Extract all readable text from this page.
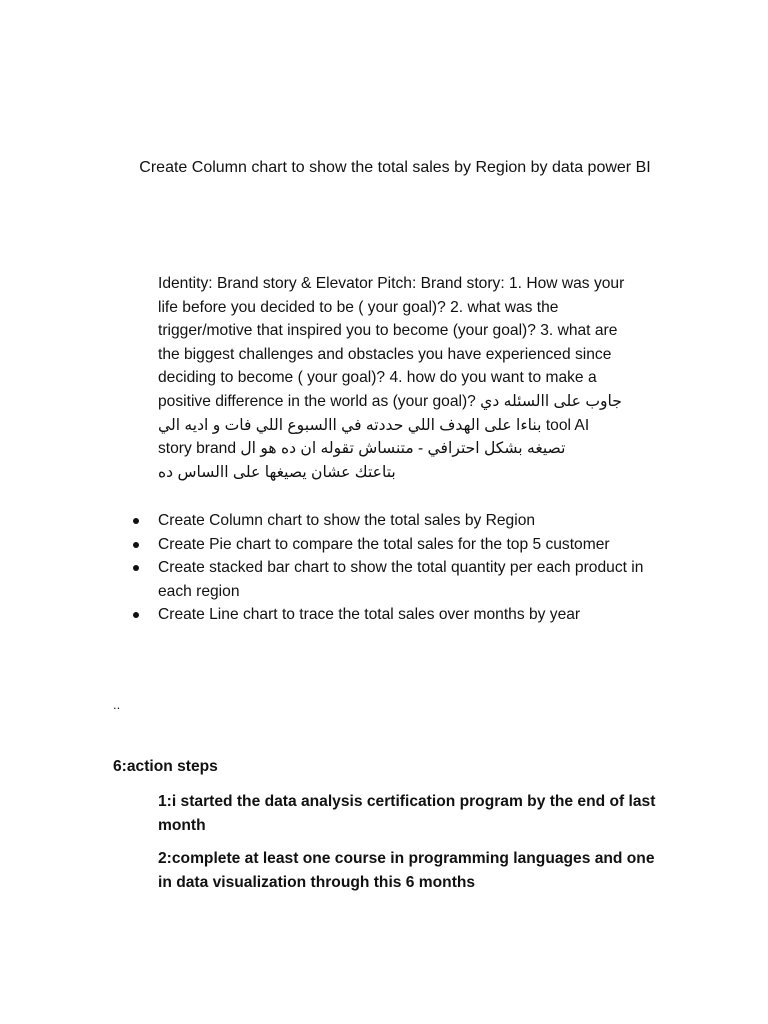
Create Column chart to show the total sales by Region by data power BI

Identity: Brand story & Elevator Pitch: Brand story: 1. How was your
life before you decided to be ( your goal)? 2. what was the
trigger/motive that inspired you to become (your goal)? 3. what are
the biggest challenges and obstacles you have experienced since
deciding to become ( your goal)? 4. how do you want to make a
positive difference in the world as (your goal)? جاوب على االسئله دي
بناءا على الهدف اللي حددته في االسبوع اللي فات و اديه الي tool AI
story brand تصيغه بشكل احترافي - متنساش تقوله ان ده هو ال
بتاعتك عشان يصيغها على االساس ده
Create Column chart to show the total sales by Region
Create Pie chart to compare the total sales for the top 5 customer
Create stacked bar chart to show the total quantity per each product in each region
Create Line chart to trace the total sales over months by year

..

6:action steps

1:i started the data analysis certification program by the end of last month
2:complete at least one course in programming languages and one in data visualization through this 6 months
